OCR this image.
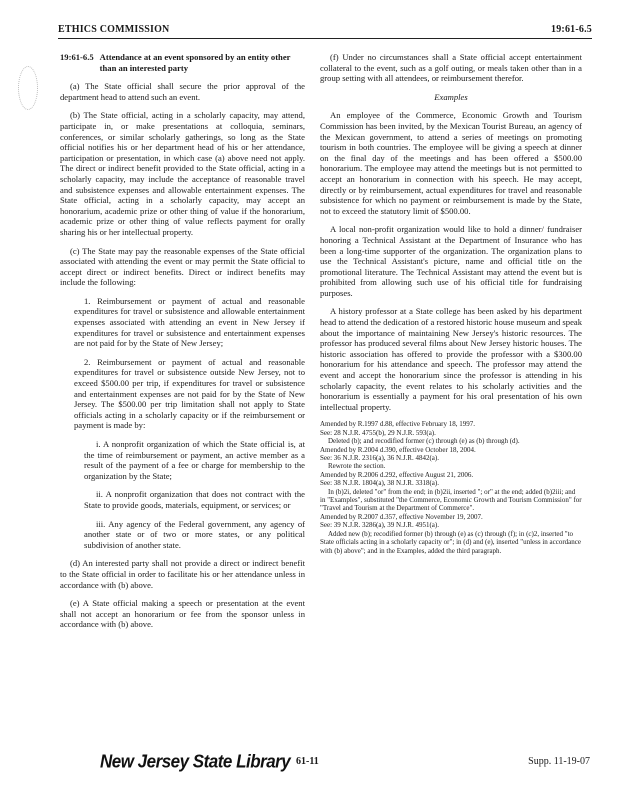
ETHICS COMMISSION	19:61-6.5
19:61-6.5 Attendance at an event sponsored by an entity other than an interested party

(a) The State official shall secure the prior approval of the department head to attend such an event.

(b) The State official, acting in a scholarly capacity, may attend, participate in, or make presentations at colloquia, seminars, conferences, or similar scholarly gatherings, so long as the State official notifies his or her department head of his or her attendance, participation or presentation, in which case (a) above need not apply. The direct or indirect benefit provided to the State official, acting in a scholarly capacity, may include the acceptance of reasonable travel and subsistence expenses and allowable entertainment expenses. The State official, acting in a scholarly capacity, may accept an honorarium, academic prize or other thing of value if the honorarium, academic prize or other thing of value reflects payment for orally sharing his or her intellectual property.

(c) The State may pay the reasonable expenses of the State official associated with attending the event or may permit the State official to accept direct or indirect benefits. Direct or indirect benefits may include the following:

1. Reimbursement or payment of actual and reasonable expenditures for travel or subsistence and allowable entertainment expenses associated with attending an event in New Jersey if expenditures for travel or subsistence and entertainment expenses are not paid for by the State of New Jersey;

2. Reimbursement or payment of actual and reasonable expenditures for travel or subsistence outside New Jersey, not to exceed $500.00 per trip, if expenditures for travel or subsistence and entertainment expenses are not paid for by the State of New Jersey. The $500.00 per trip limitation shall not apply to State officials acting in a scholarly capacity or if the reimbursement or payment is made by:

i. A nonprofit organization of which the State official is, at the time of reimbursement or payment, an active member as a result of the payment of a fee or charge for membership to the organization by the State;

ii. A nonprofit organization that does not contract with the State to provide goods, materials, equipment, or services; or

iii. Any agency of the Federal government, any agency of another state or of two or more states, or any political subdivision of another state.

(d) An interested party shall not provide a direct or indirect benefit to the State official in order to facilitate his or her attendance unless in accordance with (b) above.

(e) A State official making a speech or presentation at the event shall not accept an honorarium or fee from the sponsor unless in accordance with (b) above.

(f) Under no circumstances shall a State official accept entertainment collateral to the event, such as a golf outing, or meals taken other than in a group setting with all attendees, or reimbursement therefor.

Examples

An employee of the Commerce, Economic Growth and Tourism Commission has been invited, by the Mexican Tourist Bureau, an agency of the Mexican government, to attend a series of meetings on promoting tourism in both countries. The employee will be giving a speech at dinner on the final day of the meetings and has been offered a $500.00 honorarium. The employee may attend the meetings but is not permitted to accept an honorarium in connection with his speech. He may accept, directly or by reimbursement, actual expenditures for travel and reasonable subsistence for which no payment or reimbursement is made by the State, not to exceed the statutory limit of $500.00.

A local non-profit organization would like to hold a dinner/ fundraiser honoring a Technical Assistant at the Department of Insurance who has been a long-time supporter of the organization. The organization plans to use the Technical Assistant's picture, name and official title on the promotional literature. The Technical Assistant may attend the event but is prohibited from allowing such use of his official title for fundraising purposes.

A history professor at a State college has been asked by his department head to attend the dedication of a restored historic house museum and speak about the importance of maintaining New Jersey's historic resources. The professor has produced several films about New Jersey historic houses. The historic association has offered to provide the professor with a $300.00 honorarium for his attendance and speech. The professor may attend the event and accept the honorarium since the professor is attending in his scholarly capacity, the event relates to his scholarly activities and the honorarium is essentially a payment for his oral presentation of his own intellectual property.

Amended by R.1997 d.88, effective February 18, 1997.
See: 28 N.J.R. 4755(b), 29 N.J.R. 593(a).
Deleted (b); and recodified former (c) through (e) as (b) through (d).
Amended by R.2004 d.390, effective October 18, 2004.
See: 36 N.J.R. 2316(a), 36 N.J.R. 4842(a).
Rewrote the section.
Amended by R.2006 d.292, effective August 21, 2006.
See: 38 N.J.R. 1804(a), 38 N.J.R. 3318(a).
In (b)2i, deleted "or" from the end; in (b)2ii, inserted "; or" at the end; added (b)2iii; and in "Examples", substituted "the Commerce, Economic Growth and Tourism Commission" for "Travel and Tourism at the Department of Commerce".
Amended by R.2007 d.357, effective November 19, 2007.
See: 39 N.J.R. 3286(a), 39 N.J.R. 4951(a).
Added new (b); recodified former (b) through (e) as (c) through (f); in (c)2, inserted "to State officials acting in a scholarly capacity or"; in (d) and (e), inserted "unless in accordance with (b) above"; and in the Examples, added the third paragraph.
New Jersey State Library 61-11	Supp. 11-19-07
